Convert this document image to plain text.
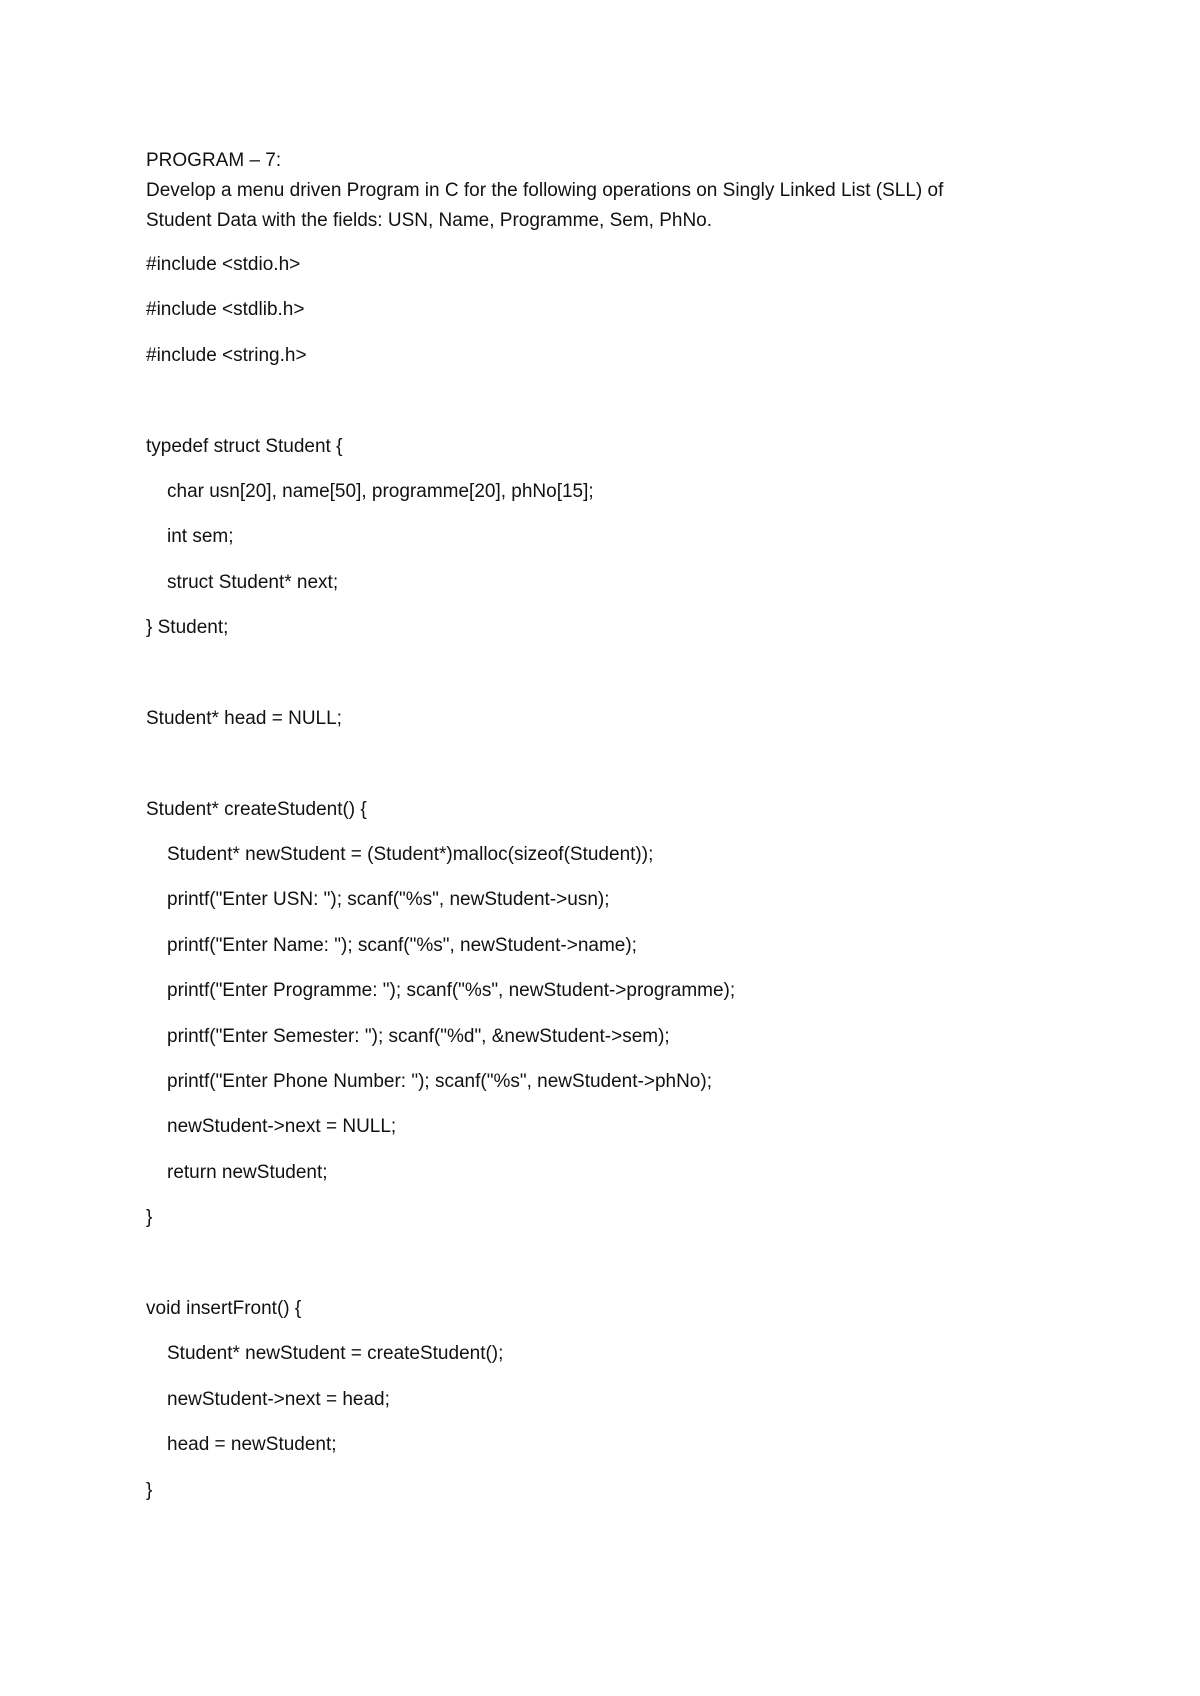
PROGRAM – 7:

Develop a menu driven Program in C for the following operations on Singly Linked List (SLL) of
Student Data with the fields: USN, Name, Programme, Sem, PhNo.

#include <stdio.h>
#include <stdlib.h>
#include <string.h>
typedef struct Student {
char usn[20], name[50], programme[20], phNo[15];
int sem;
struct Student* next;
} Student;
Student* head = NULL;
Student* createStudent() {
Student* newStudent = (Student*)malloc(sizeof(Student));
printf("Enter USN: "); scanf("%s", newStudent->usn);
printf("Enter Name: "); scanf("%s", newStudent->name);
printf("Enter Programme: "); scanf("%s", newStudent->programme);
printf("Enter Semester: "); scanf("%d", &newStudent->sem);
printf("Enter Phone Number: "); scanf("%s", newStudent->phNo);
newStudent->next = NULL;
return newStudent;
}
void insertFront() {
Student* newStudent = createStudent();
newStudent->next = head;
head = newStudent;
}
